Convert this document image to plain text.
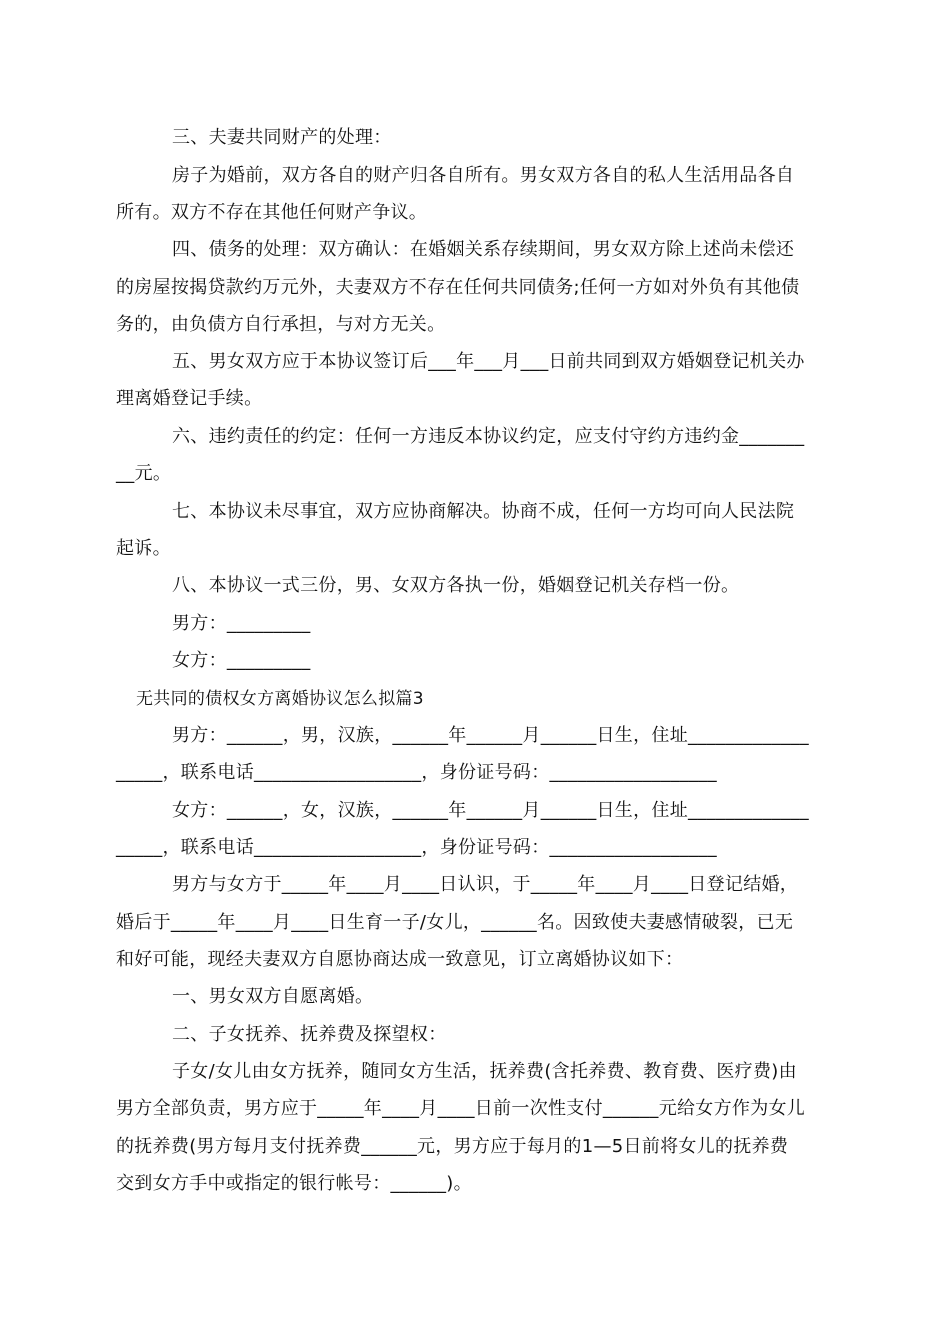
三、夫妻共同财产的处理：
房子为婚前，双方各自的财产归各自所有。男女双方各自的私人生活用品各自
所有。双方不存在其他任何财产争议。
四、债务的处理：双方确认：在婚姻关系存续期间，男女双方除上述尚未偿还
的房屋按揭贷款约万元外，夫妻双方不存在任何共同债务;任何一方如对外负有其他债
务的，由负债方自行承担，与对方无关。
五、男女双方应于本协议签订后___年___月___日前共同到双方婚姻登记机关办
理离婚登记手续。
六、违约责任的约定：任何一方违反本协议约定，应支付守约方违约金_______
__元。
七、本协议未尽事宜，双方应协商解决。协商不成，任何一方均可向人民法院
起诉。
八、本协议一式三份，男、女双方各执一份，婚姻登记机关存档一份。
男方：_________
女方：_________
无共同的债权女方离婚协议怎么拟篇3
男方：______，男，汉族，______年______月______日生，住址_____________
_____，联系电话__________________，身份证号码：__________________
女方：______，女，汉族，______年______月______日生，住址_____________
_____，联系电话__________________，身份证号码：__________________
男方与女方于_____年____月____日认识，于_____年____月____日登记结婚，
婚后于_____年____月____日生育一子/女儿，______名。因致使夫妻感情破裂，已无
和好可能，现经夫妻双方自愿协商达成一致意见，订立离婚协议如下：
一、男女双方自愿离婚。
二、子女抚养、抚养费及探望权：
子女/女儿由女方抚养，随同女方生活，抚养费(含托养费、教育费、医疗费)由
男方全部负责，男方应于_____年____月____日前一次性支付______元给女方作为女儿
的抚养费(男方每月支付抚养费______元，男方应于每月的1—5日前将女儿的抚养费
交到女方手中或指定的银行帐号：______)。
